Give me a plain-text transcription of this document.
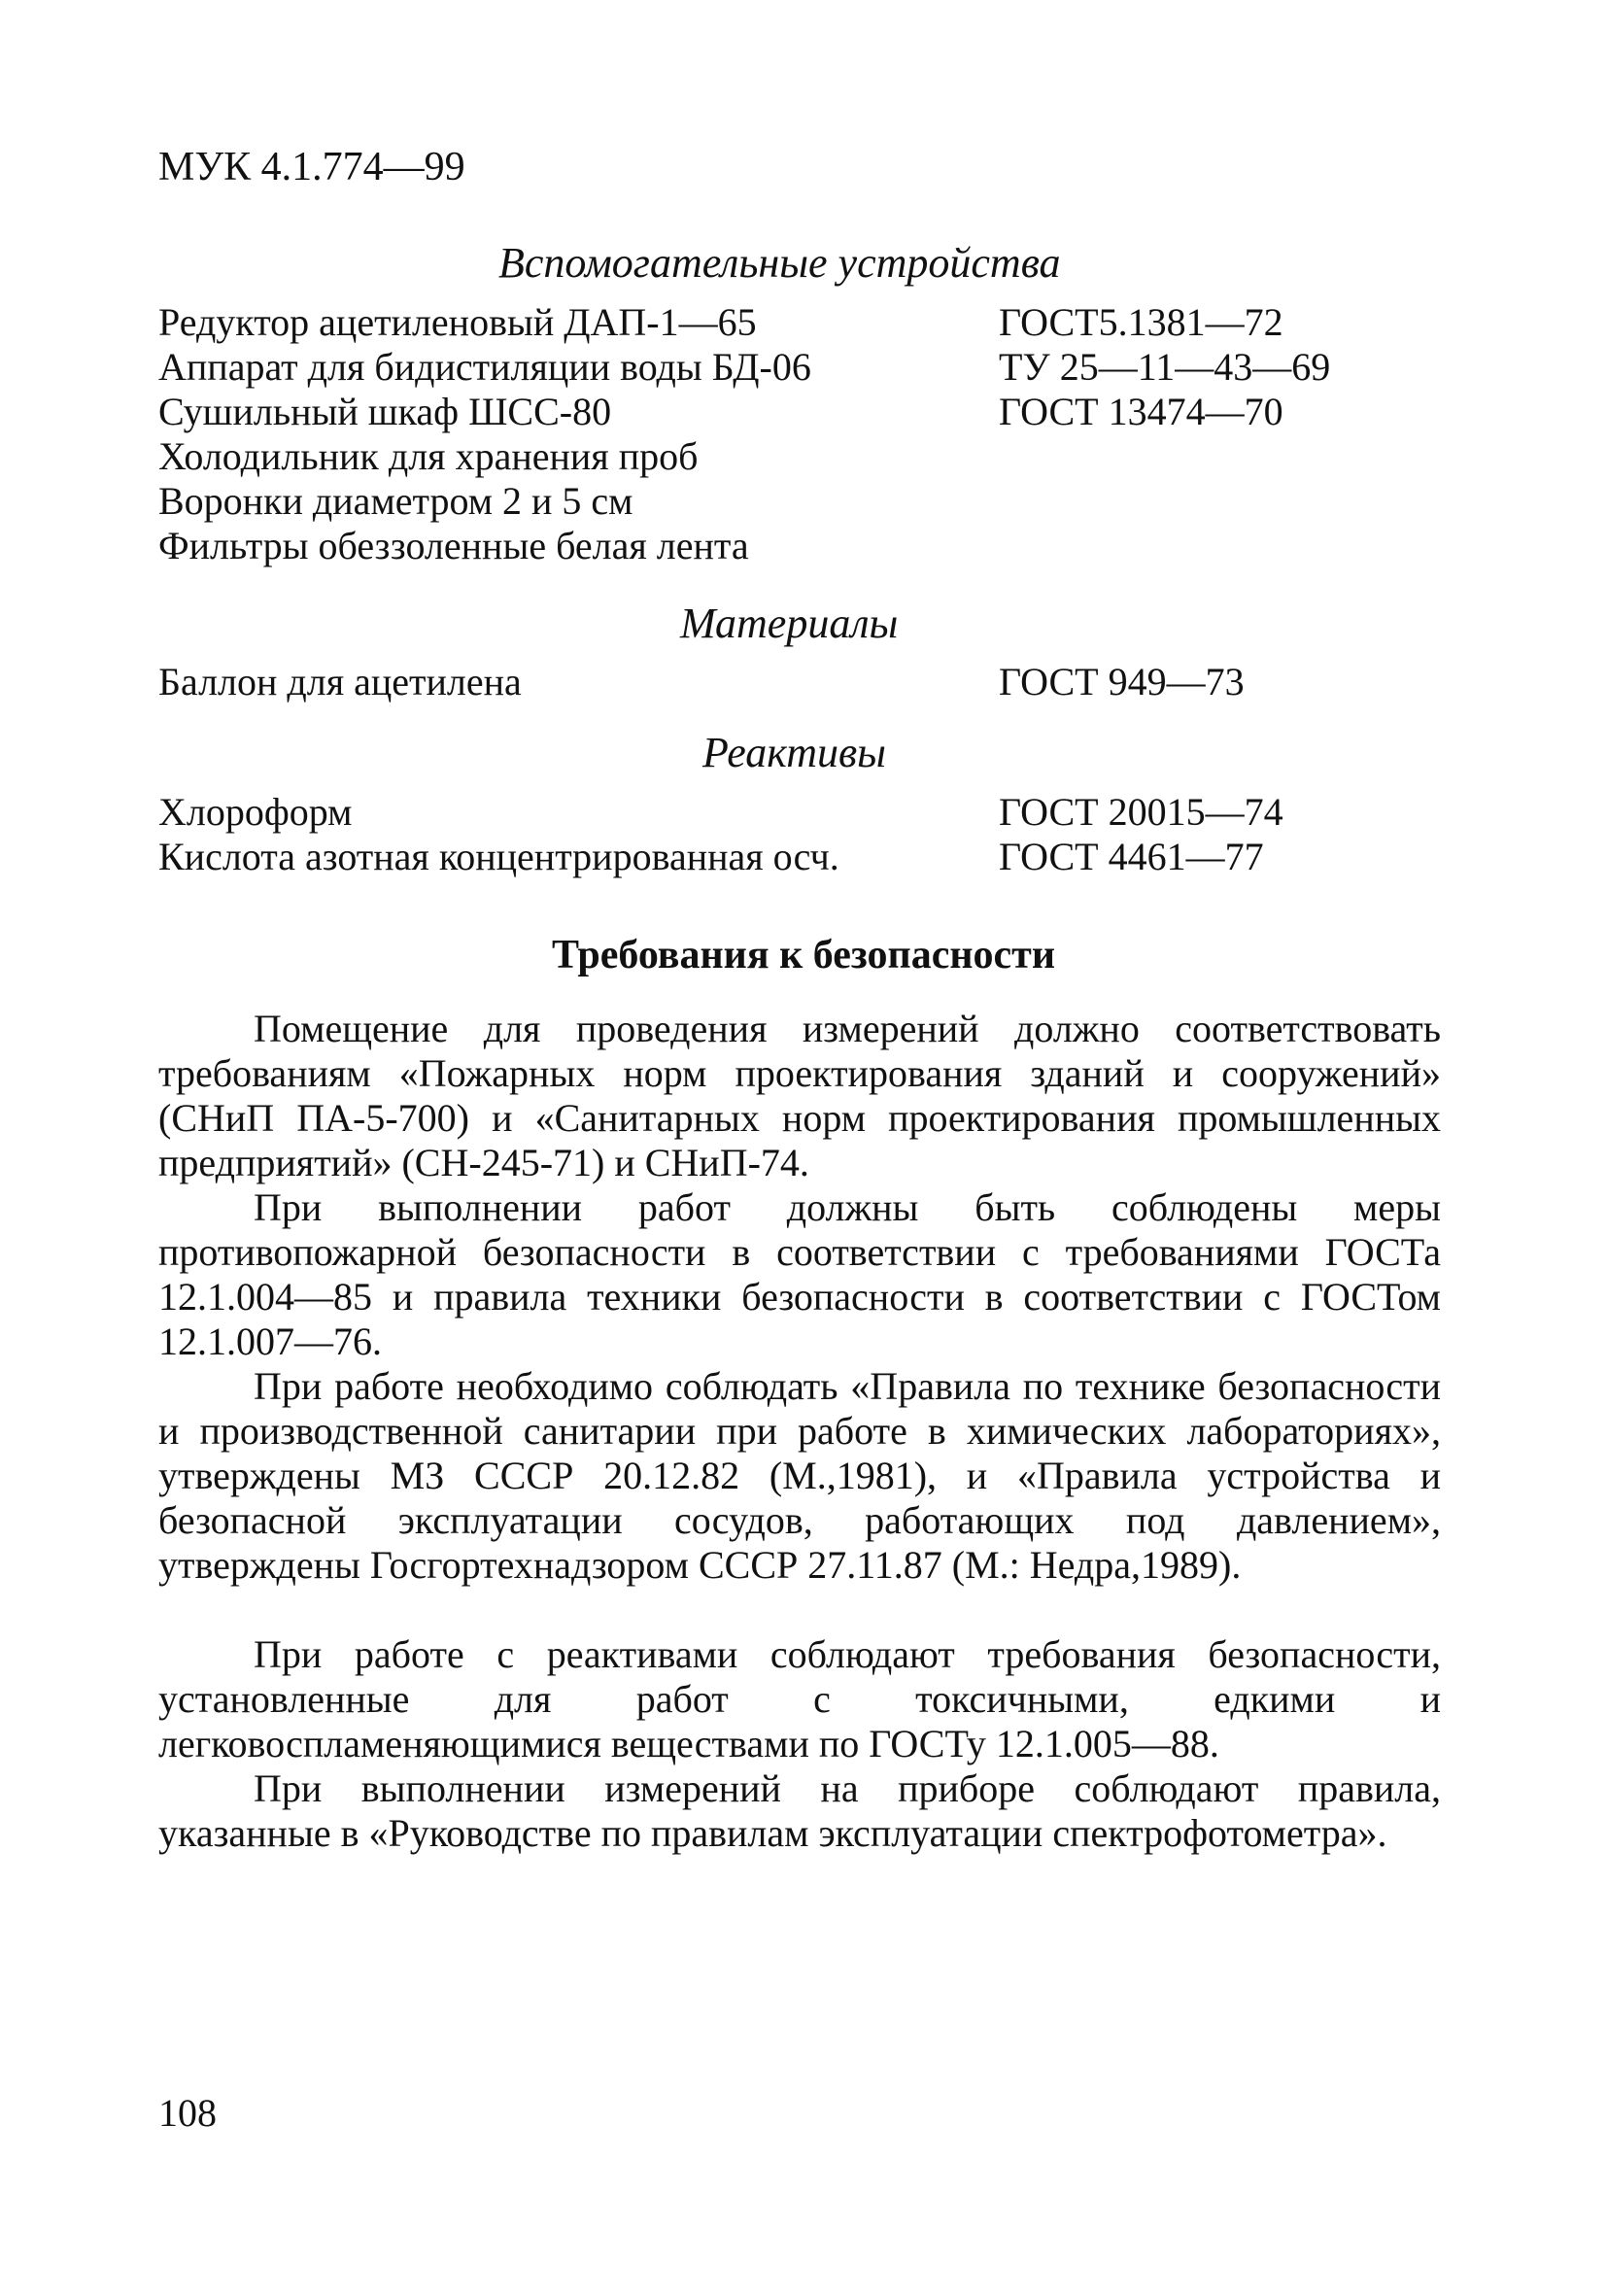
МУК 4.1.774—99
Вспомогательные устройства
Редуктор ацетиленовый ДАП-1—65	ГОСТ5.1381—72
Аппарат для бидистиляции воды БД-06	ТУ 25—11—43—69
Сушильный шкаф ШСС-80	ГОСТ 13474—70
Холодильник для хранения проб
Воронки диаметром 2 и 5 см
Фильтры обеззоленные белая лента
Материалы
Баллон для ацетилена	ГОСТ 949—73
Реактивы
Хлороформ	ГОСТ 20015—74
Кислота азотная концентрированная осч.	ГОСТ 4461—77
Требования к безопасности

Помещение для проведения измерений должно соответствовать требованиям «Пожарных норм проектирования зданий и сооружений» (СНиП ПА-5-700) и «Санитарных норм проектирования промышленных предприятий» (СН-245-71) и СНиП-74.

При выполнении работ должны быть соблюдены меры противопожарной безопасности в соответствии с требованиями ГОСТа 12.1.004—85 и правила техники безопасности в соответствии с ГОСТом 12.1.007—76.

При работе необходимо соблюдать «Правила по технике безопасности и производственной санитарии при работе в химических лабораториях», утверждены МЗ СССР 20.12.82 (М.,1981), и «Правила устройства и безопасной эксплуатации сосудов, работающих под давлением», утверждены Госгортехнадзором СССР 27.11.87 (М.: Недра,1989).

При работе с реактивами соблюдают требования безопасности, установленные для работ с токсичными, едкими и легковоспламеняющимися веществами по ГОСТу 12.1.005—88.

При выполнении измерений на приборе соблюдают правила, указанные в «Руководстве по правилам эксплуатации спектрофотометра».

108
